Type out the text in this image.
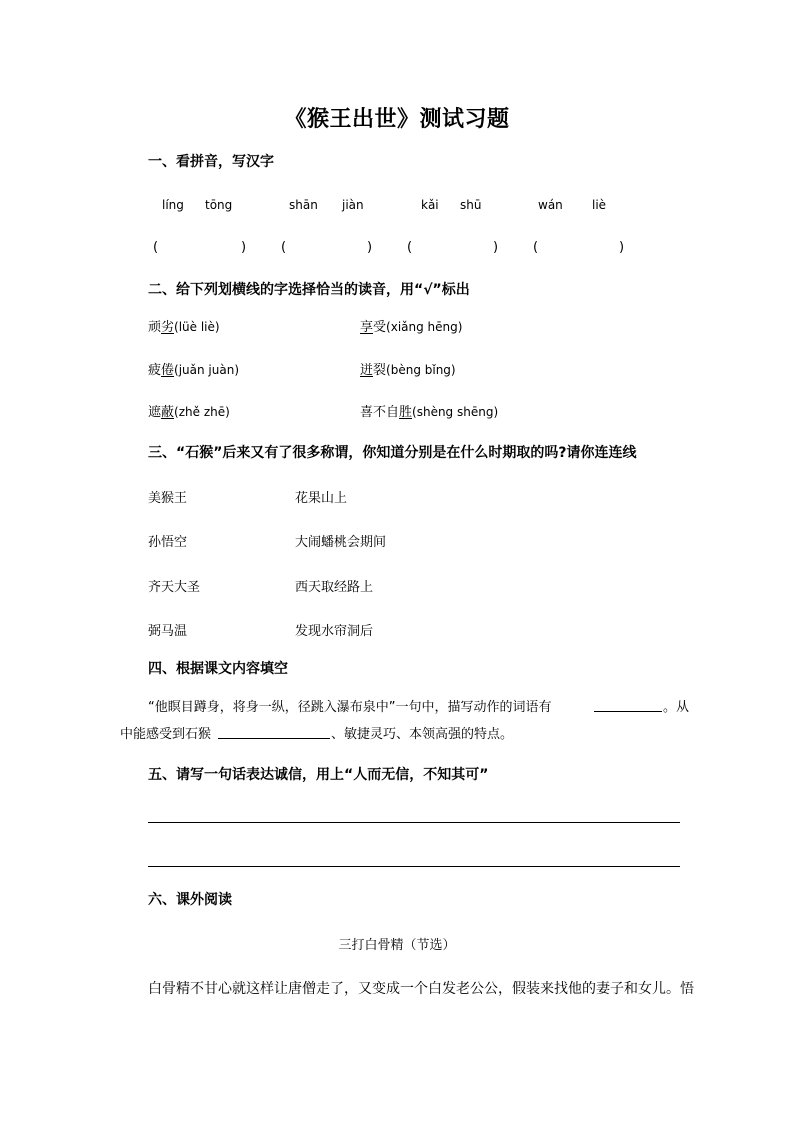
《猴王出世》测试习题
一、看拼音，写汉字
líng tōng	shān jiàn	kǎi shū	wán liè
(	)	(	)	(	)	(	)
二、给下列划横线的字选择恰当的读音，用“√”标出
顽劣(lüè liè)	享受(xiǎng hēng)
疲倦(juǎn juàn)	迸裂(bèng bǐng)
遮蔽(zhě zhē)	喜不自胜(shèng shēng)
三、“石猴”后来又有了很多称谓，你知道分别是在什么时期取的吗?请你连连线
美猴王	花果山上
孙悟空	大闹蟠桃会期间
齐天大圣	西天取经路上
弼马温	发现水帘洞后
四、根据课文内容填空
“他瞑目蹲身，将身一纵，径跳入瀑布泉中”一句中，描写动作的词语有	。从
中能感受到石猴	、敏捷灵巧、本领高强的特点。
五、请写一句话表达诚信，用上“人而无信，不知其可”
六、课外阅读
三打白骨精（节选）
白骨精不甘心就这样让唐僧走了，又变成一个白发老公公，假装来找他的妻子和女儿。悟
